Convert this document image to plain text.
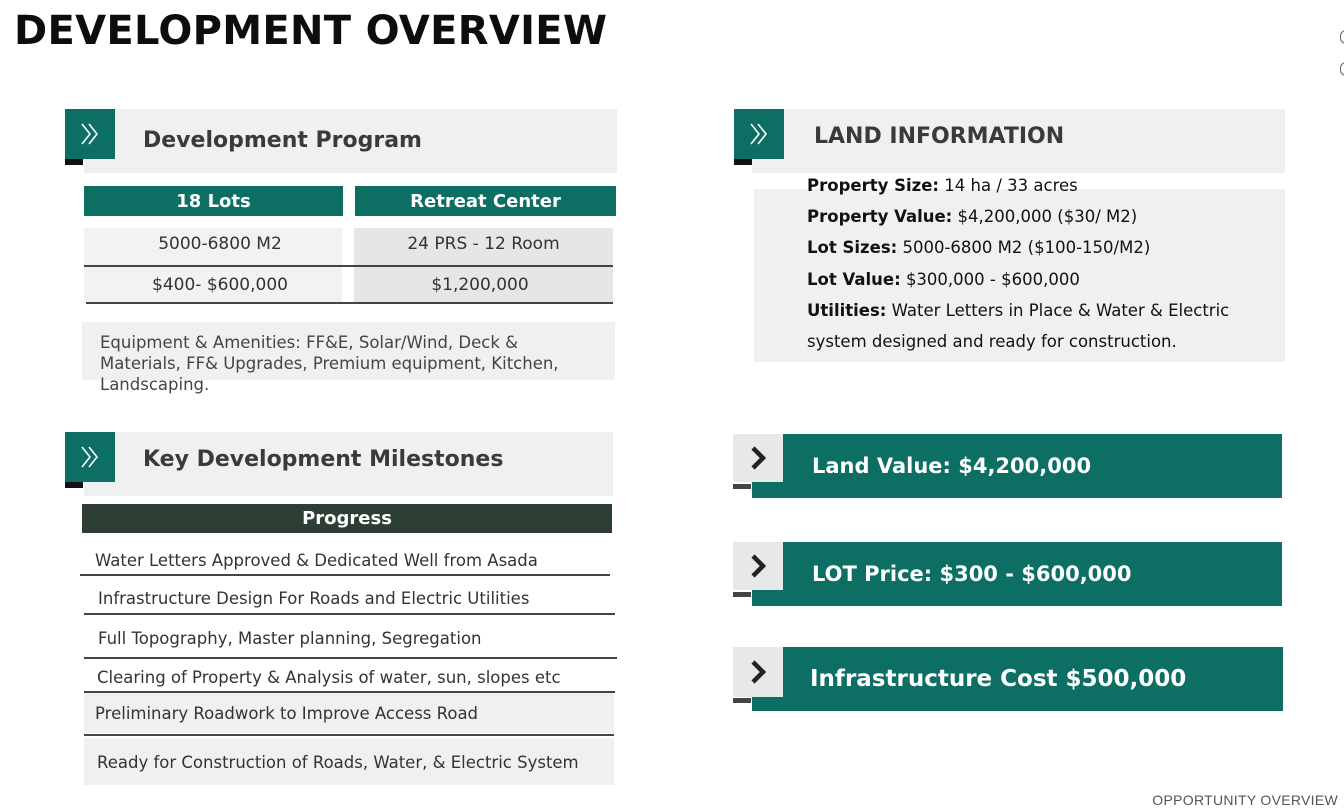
DEVELOPMENT OVERVIEW
Development Program
18 Lots	Retreat Center
5000-6800 M2	24 PRS - 12 Room
$400- $600,000	$1,200,000
Equipment & Amenities: FF&E, Solar/Wind, Deck & Materials, FF& Upgrades, Premium equipment, Kitchen, Landscaping.
LAND INFORMATION
Property Size: 14 ha / 33 acres
Property Value: $4,200,000 ($30/ M2)
Lot Sizes: 5000-6800 M2 ($100-150/M2)
Lot Value: $300,000 - $600,000
Utilities: Water Letters in Place & Water & Electric
system designed and ready for construction.
Key Development Milestones
Progress
Water Letters Approved & Dedicated Well from Asada
Infrastructure Design For Roads and Electric Utilities
Full Topography, Master planning, Segregation
Clearing of Property & Analysis of water, sun, slopes etc
Preliminary Roadwork to Improve Access Road
Ready for Construction of Roads, Water, & Electric System
Land Value: $4,200,000
LOT Price: $300 - $600,000
Infrastructure Cost $500,000
OPPORTUNITY OVERVIEW
